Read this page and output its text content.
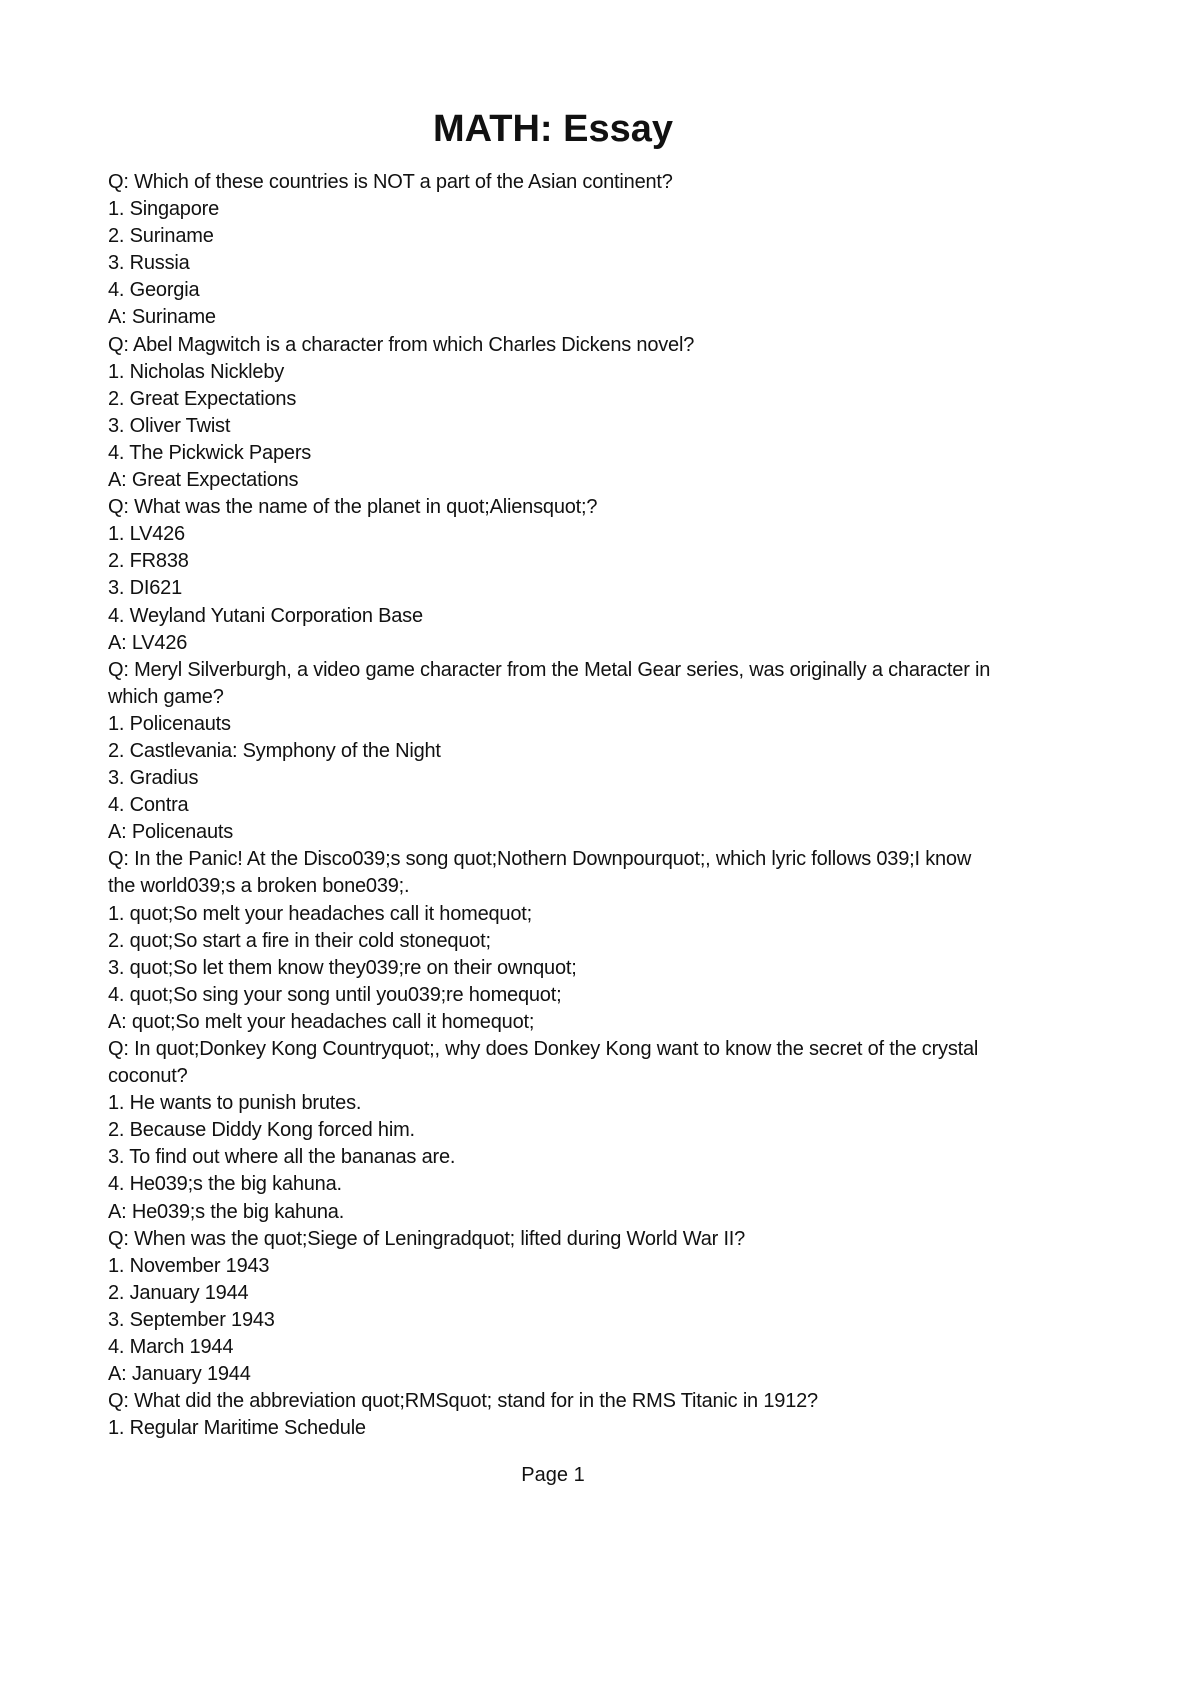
MATH: Essay

Q: Which of these countries is NOT a part of the Asian continent?

1. Singapore

2. Suriname

3. Russia

4. Georgia

A: Suriname

Q: Abel Magwitch is a character from which Charles Dickens novel?

1. Nicholas Nickleby

2. Great Expectations

3. Oliver Twist

4. The Pickwick Papers

A: Great Expectations

Q: What was the name of the planet in quot;Aliensquot;?

1. LV426

2. FR838

3. DI621

4. Weyland Yutani Corporation Base

A: LV426

Q: Meryl Silverburgh, a video game character from the Metal Gear series, was originally a character in which game?

1. Policenauts

2. Castlevania: Symphony of the Night

3. Gradius

4. Contra

A: Policenauts

Q: In the Panic! At the Disco039;s song quot;Nothern Downpourquot;, which lyric follows 039;I know the world039;s a broken bone039;.

1. quot;So melt your headaches call it homequot;

2. quot;So start a fire in their cold stonequot;

3. quot;So let them know they039;re on their ownquot;

4. quot;So sing your song until you039;re homequot;

A: quot;So melt your headaches call it homequot;

Q: In quot;Donkey Kong Countryquot;, why does Donkey Kong want to know the secret of the crystal coconut?

1. He wants to punish brutes.

2. Because Diddy Kong forced him.

3. To find out where all the bananas are.

4. He039;s the big kahuna.

A: He039;s the big kahuna.

Q: When was the quot;Siege of Leningradquot; lifted during World War II?

1. November 1943

2. January 1944

3. September 1943

4. March 1944

A: January 1944

Q: What did the abbreviation quot;RMSquot; stand for in the RMS Titanic in 1912?

1. Regular Maritime Schedule

Page 1
